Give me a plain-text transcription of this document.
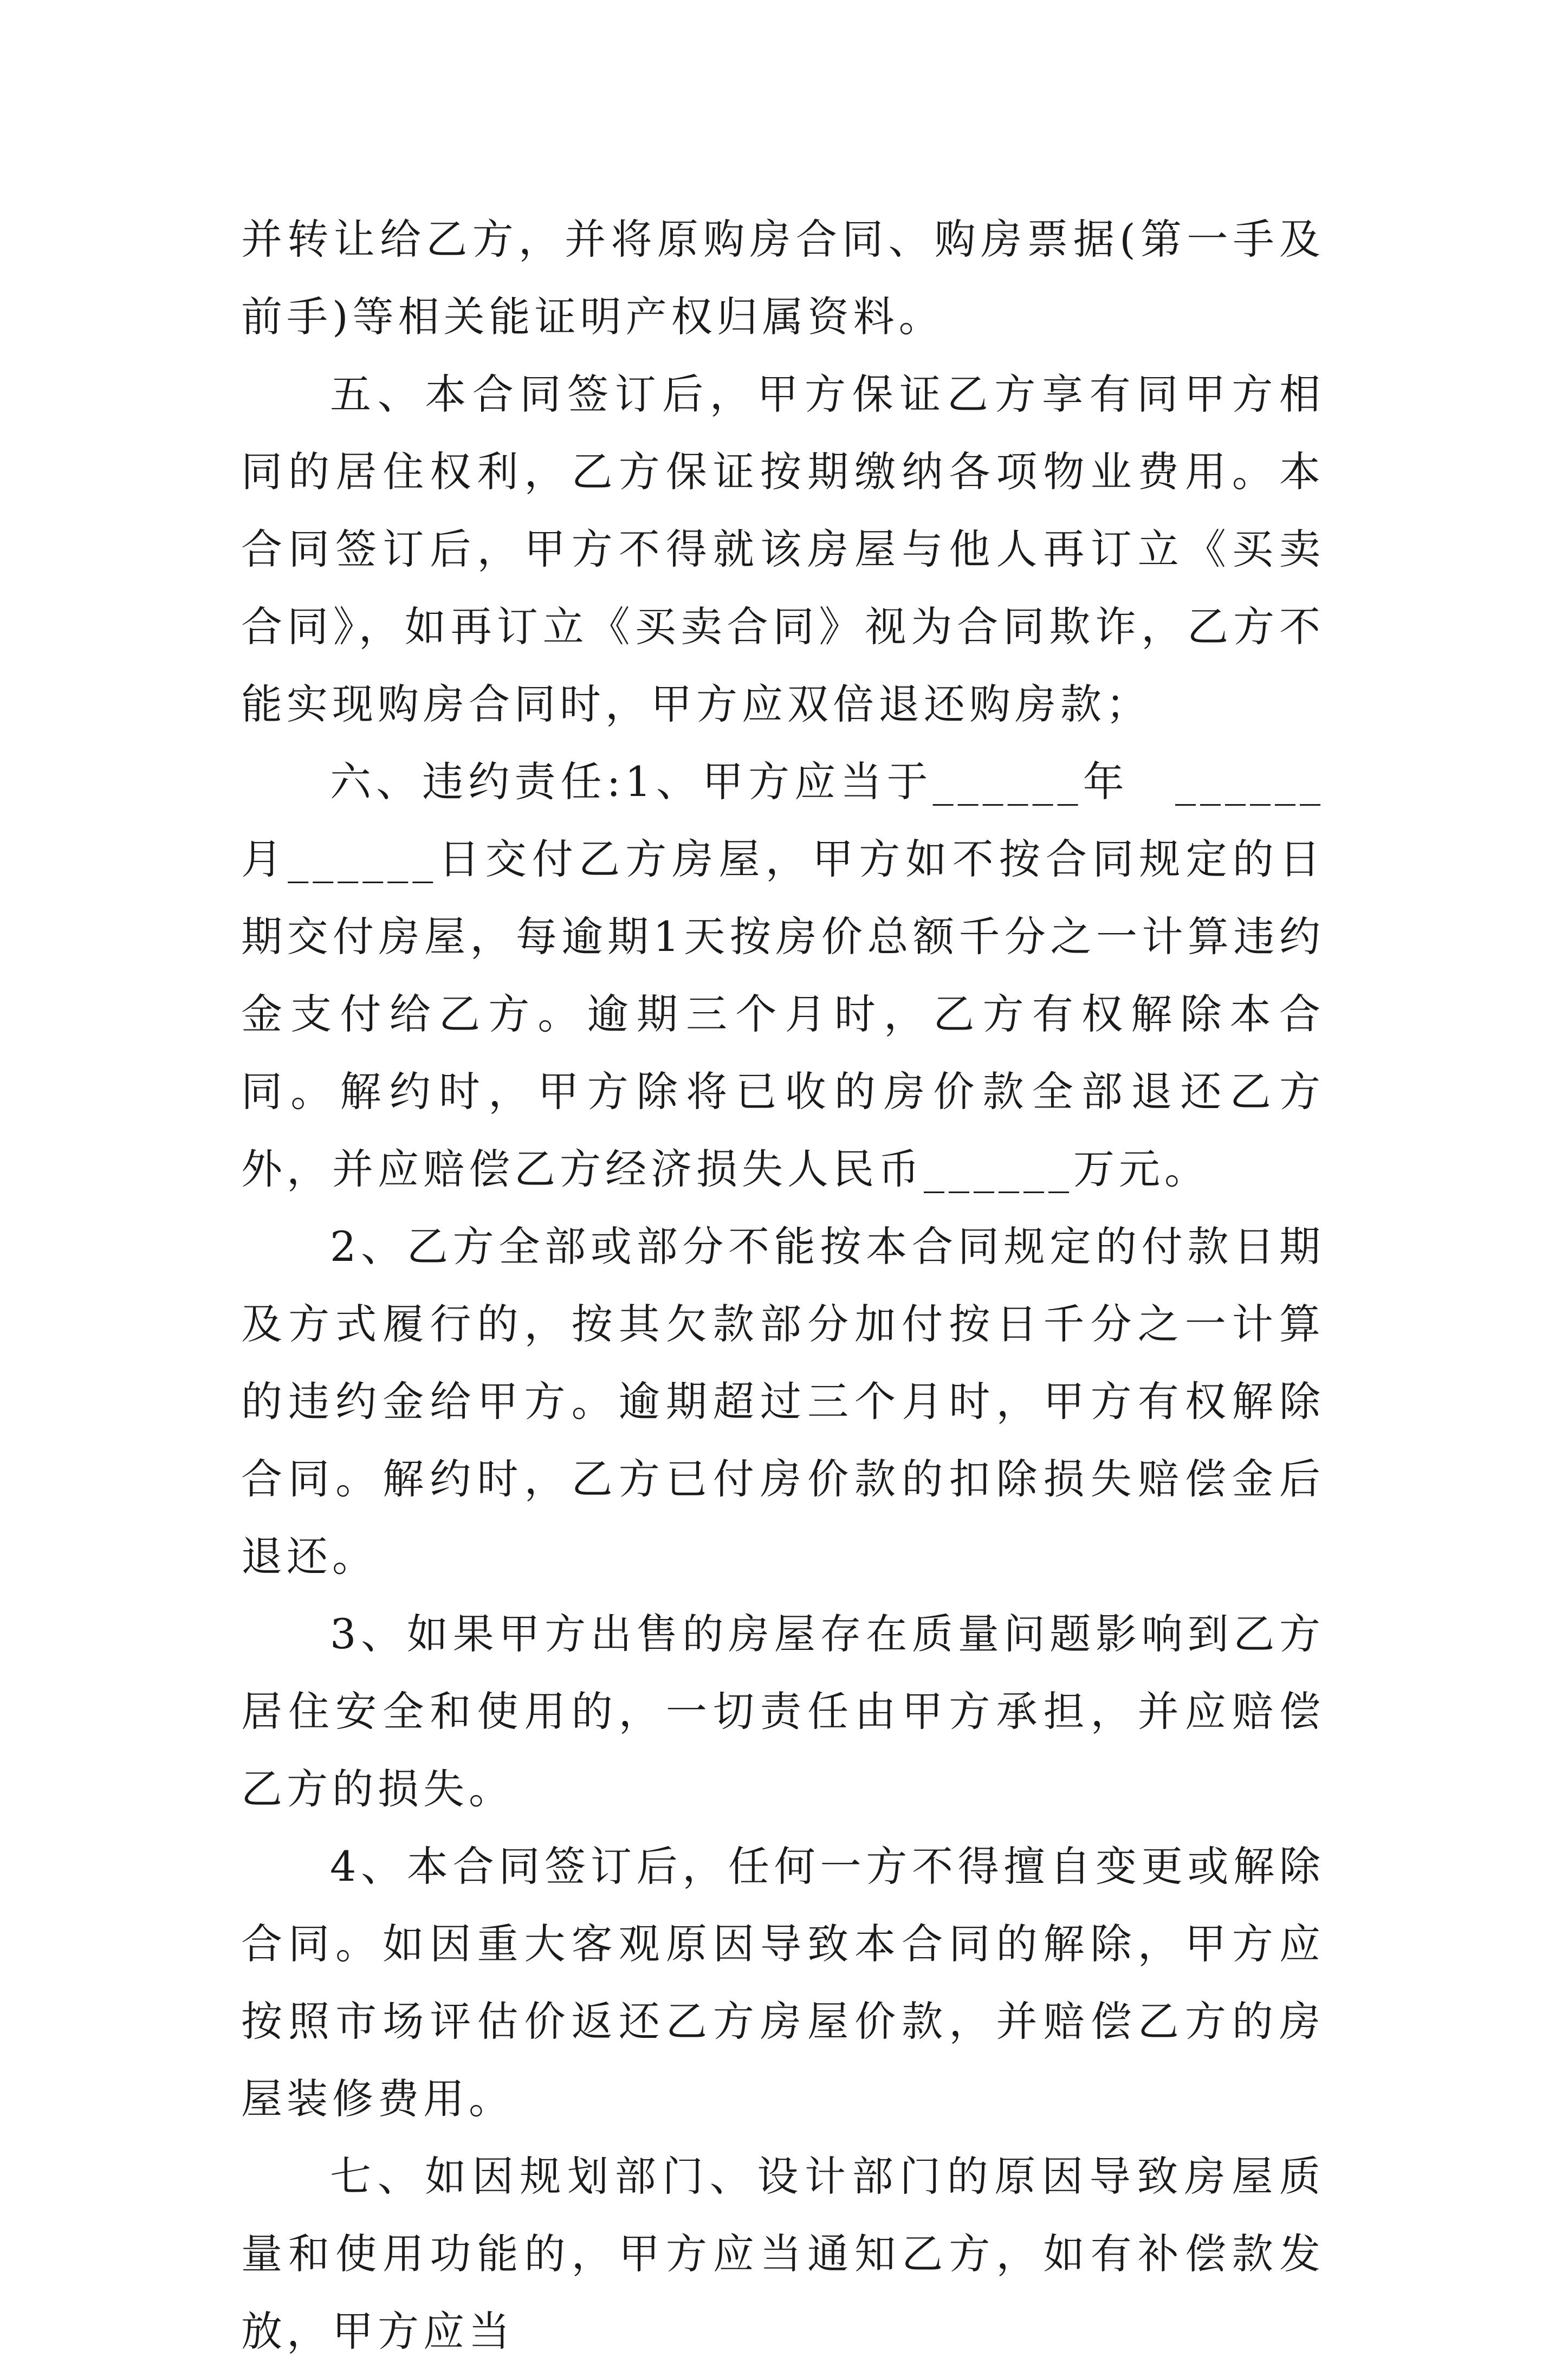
并转让给乙方，并将原购房合同、购房票据(第一手及前手)等相关能证明产权归属资料。

五、本合同签订后，甲方保证乙方享有同甲方相同的居住权利，乙方保证按期缴纳各项物业费用。本合同签订后，甲方不得就该房屋与他人再订立《买卖合同》，如再订立《买卖合同》视为合同欺诈，乙方不能实现购房合同时，甲方应双倍退还购房款；

六、违约责任:1、甲方应当于______年　______月______日交付乙方房屋，甲方如不按合同规定的日期交付房屋，每逾期1天按房价总额千分之一计算违约金支付给乙方。逾期三个月时，乙方有权解除本合同。解约时，甲方除将已收的房价款全部退还乙方外，并应赔偿乙方经济损失人民币______万元。

2、乙方全部或部分不能按本合同规定的付款日期及方式履行的，按其欠款部分加付按日千分之一计算的违约金给甲方。逾期超过三个月时，甲方有权解除合同。解约时，乙方已付房价款的扣除损失赔偿金后退还。

3、如果甲方出售的房屋存在质量问题影响到乙方居住安全和使用的，一切责任由甲方承担，并应赔偿乙方的损失。

4、本合同签订后，任何一方不得擅自变更或解除合同。如因重大客观原因导致本合同的解除，甲方应按照市场评估价返还乙方房屋价款，并赔偿乙方的房屋装修费用。

七、如因规划部门、设计部门的原因导致房屋质量和使用功能的，甲方应当通知乙方，如有补偿款发放，甲方应当
